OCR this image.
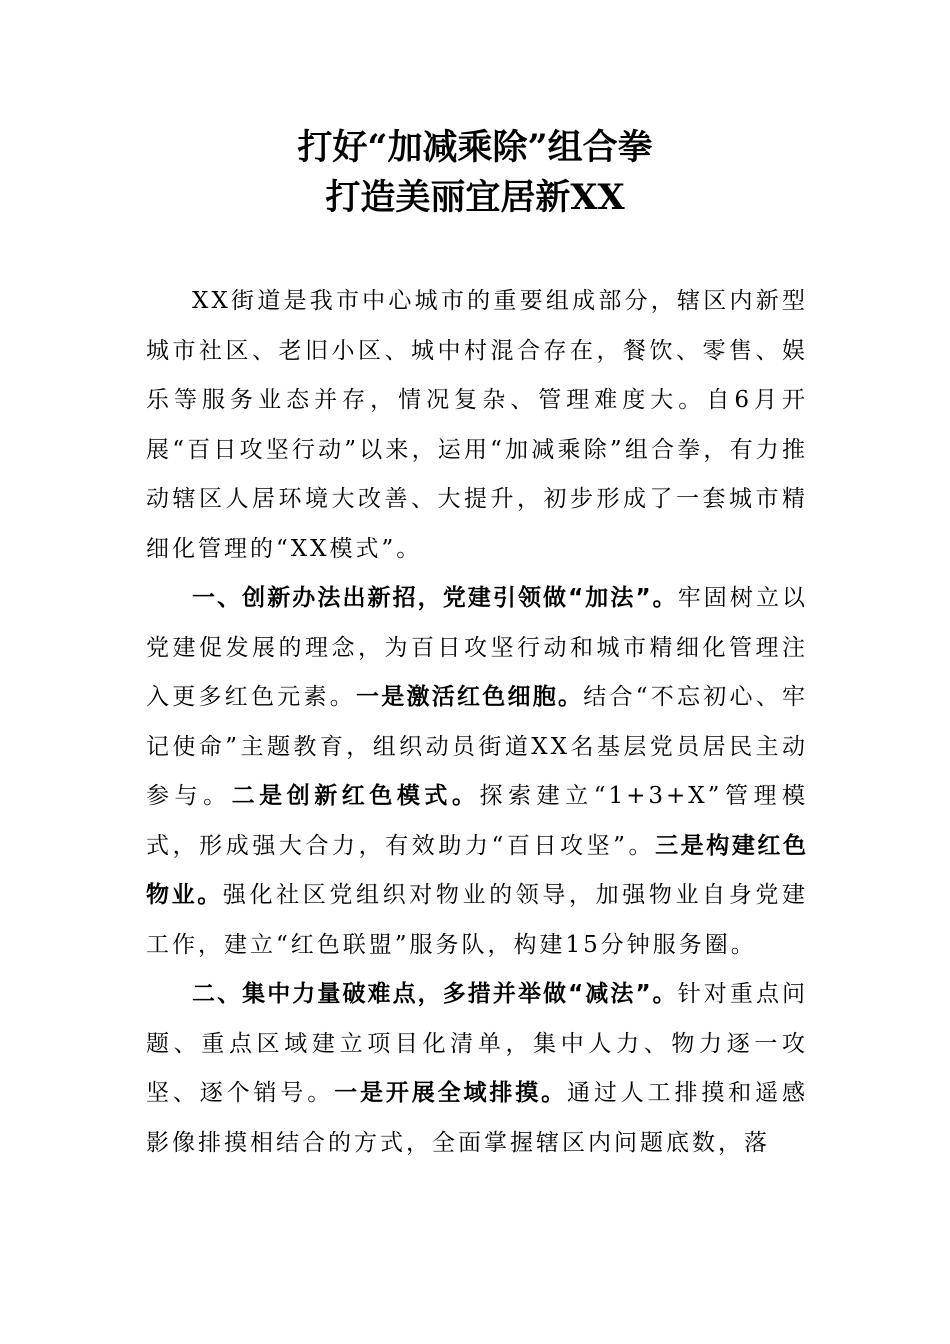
打好“加减乘除”组合拳
打造美丽宜居新XX

XX街道是我市中心城市的重要组成部分，辖区内新型城市社区、老旧小区、城中村混合存在，餐饮、零售、娱乐等服务业态并存，情况复杂、管理难度大。自6月开展“百日攻坚行动”以来，运用“加减乘除”组合拳，有力推动辖区人居环境大改善、大提升，初步形成了一套城市精细化管理的“XX模式”。

一、创新办法出新招，党建引领做“加法”。牢固树立以党建促发展的理念，为百日攻坚行动和城市精细化管理注入更多红色元素。一是激活红色细胞。结合“不忘初心、牢记使命”主题教育，组织动员街道XX名基层党员居民主动参与。二是创新红色模式。探索建立“1+3+X”管理模式，形成强大合力，有效助力“百日攻坚”。三是构建红色物业。强化社区党组织对物业的领导，加强物业自身党建工作，建立“红色联盟”服务队，构建15分钟服务圈。

二、集中力量破难点，多措并举做“减法”。针对重点问题、重点区域建立项目化清单，集中人力、物力逐一攻坚、逐个销号。一是开展全域排摸。通过人工排摸和遥感影像排摸相结合的方式，全面掌握辖区内问题底数，落
